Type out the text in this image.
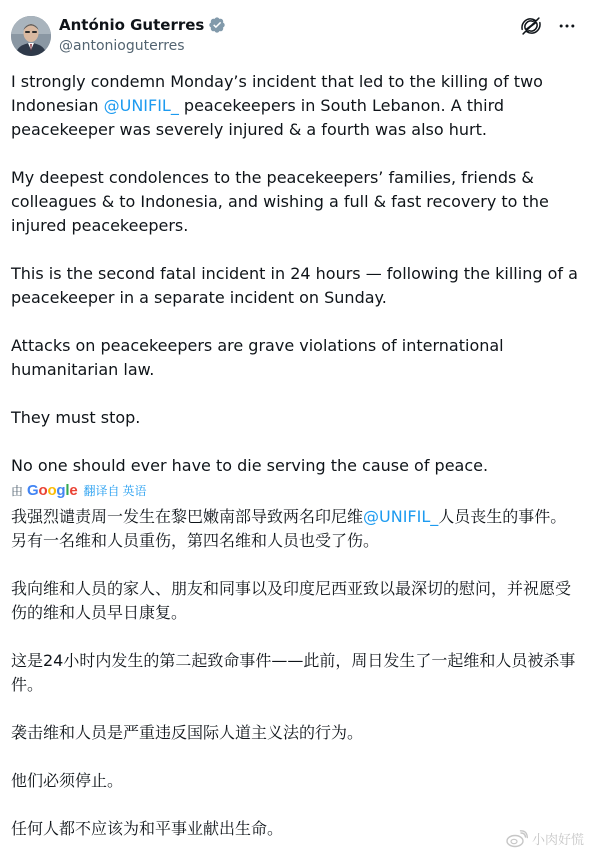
António Guterres
@antonioguterres

I strongly condemn Monday’s incident that led to the killing of two Indonesian @UNIFIL_ peacekeepers in South Lebanon. A third peacekeeper was severely injured & a fourth was also hurt.

My deepest condolences to the peacekeepers’ families, friends & colleagues & to Indonesia, and wishing a full & fast recovery to the injured peacekeepers.

This is the second fatal incident in 24 hours — following the killing of a peacekeeper in a separate incident on Sunday.

Attacks on peacekeepers are grave violations of international humanitarian law.

They must stop.

No one should ever have to die serving the cause of peace.

由 Google 翻译自 英语

我强烈谴责周一发生在黎巴嫩南部导致两名印尼维@UNIFIL_人员丧生的事件。另有一名维和人员重伤，第四名维和人员也受了伤。

我向维和人员的家人、朋友和同事以及印度尼西亚致以最深切的慰问，并祝愿受伤的维和人员早日康复。

这是24小时内发生的第二起致命事件——此前，周日发生了一起维和人员被杀事件。

袭击维和人员是严重违反国际人道主义法的行为。

他们必须停止。

任何人都不应该为和平事业献出生命。

小肉好慌
